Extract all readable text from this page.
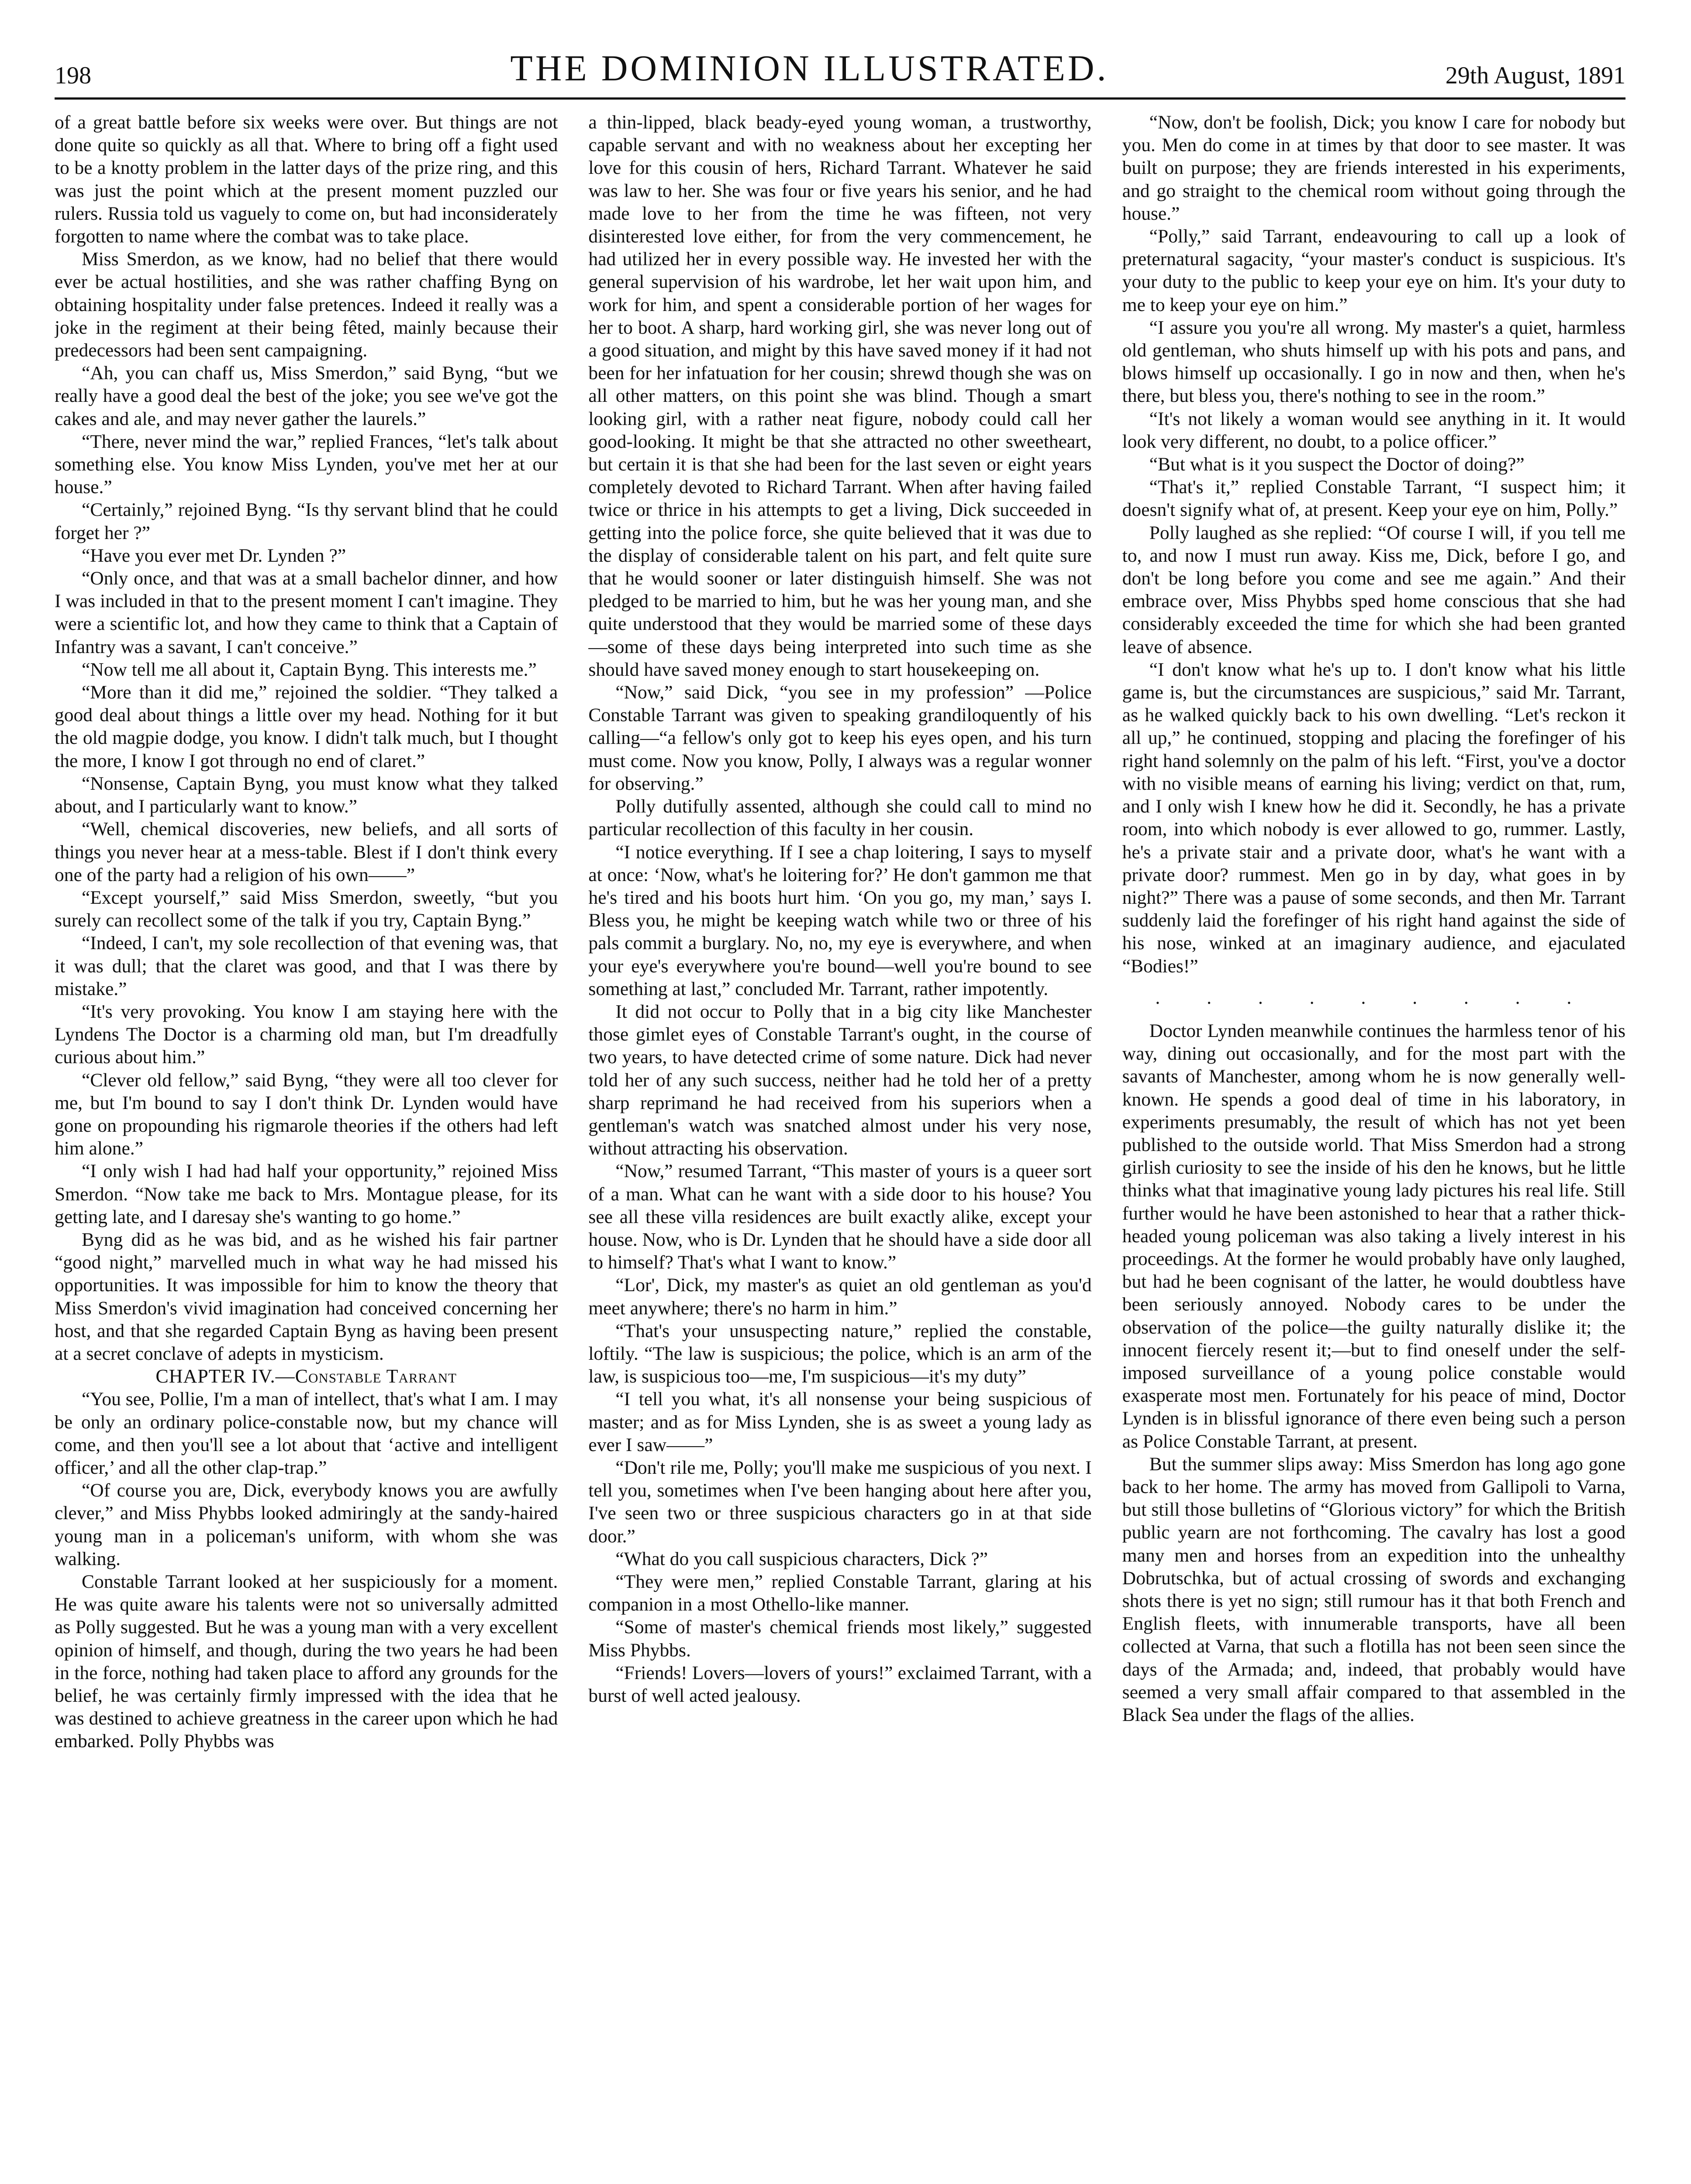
198	THE DOMINION ILLUSTRATED.	29th August, 1891

of a great battle before six weeks were over. But things are not done quite so quickly as all that. Where to bring off a fight used to be a knotty problem in the latter days of the prize ring, and this was just the point which at the present moment puzzled our rulers. Russia told us vaguely to come on, but had inconsiderately forgotten to name where the combat was to take place.

Miss Smerdon, as we know, had no belief that there would ever be actual hostilities, and she was rather chaffing Byng on obtaining hospitality under false pretences. Indeed it really was a joke in the regiment at their being fêted, mainly because their predecessors had been sent campaigning.

“Ah, you can chaff us, Miss Smerdon,” said Byng, “but we really have a good deal the best of the joke; you see we've got the cakes and ale, and may never gather the laurels.”

“There, never mind the war,” replied Frances, “let's talk about something else. You know Miss Lynden, you've met her at our house.”

“Certainly,” rejoined Byng. “Is thy servant blind that he could forget her ?”

“Have you ever met Dr. Lynden ?”

“Only once, and that was at a small bachelor dinner, and how I was included in that to the present moment I can't imagine. They were a scientific lot, and how they came to think that a Captain of Infantry was a savant, I can't conceive.”

“Now tell me all about it, Captain Byng. This interests me.”

“More than it did me,” rejoined the soldier. “They talked a good deal about things a little over my head. Nothing for it but the old magpie dodge, you know. I didn't talk much, but I thought the more, I know I got through no end of claret.”

“Nonsense, Captain Byng, you must know what they talked about, and I particularly want to know.”

“Well, chemical discoveries, new beliefs, and all sorts of things you never hear at a mess-table. Blest if I don't think every one of the party had a religion of his own——”

“Except yourself,” said Miss Smerdon, sweetly, “but you surely can recollect some of the talk if you try, Captain Byng.”

“Indeed, I can't, my sole recollection of that evening was, that it was dull; that the claret was good, and that I was there by mistake.”

“It's very provoking. You know I am staying here with the Lyndens The Doctor is a charming old man, but I'm dreadfully curious about him.”

“Clever old fellow,” said Byng, “they were all too clever for me, but I'm bound to say I don't think Dr. Lynden would have gone on propounding his rigmarole theories if the others had left him alone.”

“I only wish I had had half your opportunity,” rejoined Miss Smerdon. “Now take me back to Mrs. Montague please, for its getting late, and I daresay she's wanting to go home.”

Byng did as he was bid, and as he wished his fair partner “good night,” marvelled much in what way he had missed his opportunities. It was impossible for him to know the theory that Miss Smerdon's vivid imagination had conceived concerning her host, and that she regarded Captain Byng as having been present at a secret conclave of adepts in mysticism.

CHAPTER IV.—Constable Tarrant

“You see, Pollie, I'm a man of intellect, that's what I am. I may be only an ordinary police-constable now, but my chance will come, and then you'll see a lot about that ‘active and intelligent officer,’ and all the other clap-trap.”

“Of course you are, Dick, everybody knows you are awfully clever,” and Miss Phybbs looked admiringly at the sandy-haired young man in a policeman's uniform, with whom she was walking.

Constable Tarrant looked at her suspiciously for a moment. He was quite aware his talents were not so universally admitted as Polly suggested. But he was a young man with a very excellent opinion of himself, and though, during the two years he had been in the force, nothing had taken place to afford any grounds for the belief, he was certainly firmly impressed with the idea that he was destined to achieve greatness in the career upon which he had embarked. Polly Phybbs was

a thin-lipped, black beady-eyed young woman, a trustworthy, capable servant and with no weakness about her excepting her love for this cousin of hers, Richard Tarrant. Whatever he said was law to her. She was four or five years his senior, and he had made love to her from the time he was fifteen, not very disinterested love either, for from the very commencement, he had utilized her in every possible way. He invested her with the general supervision of his wardrobe, let her wait upon him, and work for him, and spent a considerable portion of her wages for her to boot. A sharp, hard working girl, she was never long out of a good situation, and might by this have saved money if it had not been for her infatuation for her cousin; shrewd though she was on all other matters, on this point she was blind. Though a smart looking girl, with a rather neat figure, nobody could call her good-looking. It might be that she attracted no other sweetheart, but certain it is that she had been for the last seven or eight years completely devoted to Richard Tarrant. When after having failed twice or thrice in his attempts to get a living, Dick succeeded in getting into the police force, she quite believed that it was due to the display of considerable talent on his part, and felt quite sure that he would sooner or later distinguish himself. She was not pledged to be married to him, but he was her young man, and she quite understood that they would be married some of these days—some of these days being interpreted into such time as she should have saved money enough to start housekeeping on.

“Now,” said Dick, “you see in my profession” —Police Constable Tarrant was given to speaking grandiloquently of his calling—“a fellow's only got to keep his eyes open, and his turn must come. Now you know, Polly, I always was a regular wonner for observing.”

Polly dutifully assented, although she could call to mind no particular recollection of this faculty in her cousin.

“I notice everything. If I see a chap loitering, I says to myself at once: ‘Now, what's he loitering for?’ He don't gammon me that he's tired and his boots hurt him. ‘On you go, my man,’ says I. Bless you, he might be keeping watch while two or three of his pals commit a burglary. No, no, my eye is everywhere, and when your eye's everywhere you're bound—well you're bound to see something at last,” concluded Mr. Tarrant, rather impotently.

It did not occur to Polly that in a big city like Manchester those gimlet eyes of Constable Tarrant's ought, in the course of two years, to have detected crime of some nature. Dick had never told her of any such success, neither had he told her of a pretty sharp reprimand he had received from his superiors when a gentleman's watch was snatched almost under his very nose, without attracting his observation.

“Now,” resumed Tarrant, “This master of yours is a queer sort of a man. What can he want with a side door to his house? You see all these villa residences are built exactly alike, except your house. Now, who is Dr. Lynden that he should have a side door all to himself? That's what I want to know.”

“Lor', Dick, my master's as quiet an old gentleman as you'd meet anywhere; there's no harm in him.”

“That's your unsuspecting nature,” replied the constable, loftily. “The law is suspicious; the police, which is an arm of the law, is suspicious too—me, I'm suspicious—it's my duty”

“I tell you what, it's all nonsense your being suspicious of master; and as for Miss Lynden, she is as sweet a young lady as ever I saw——”

“Don't rile me, Polly; you'll make me suspicious of you next. I tell you, sometimes when I've been hanging about here after you, I've seen two or three suspicious characters go in at that side door.”

“What do you call suspicious characters, Dick ?”

“They were men,” replied Constable Tarrant, glaring at his companion in a most Othello-like manner.

“Some of master's chemical friends most likely,” suggested Miss Phybbs.

“Friends! Lovers—lovers of yours!” exclaimed Tarrant, with a burst of well acted jealousy.

“Now, don't be foolish, Dick; you know I care for nobody but you. Men do come in at times by that door to see master. It was built on purpose; they are friends interested in his experiments, and go straight to the chemical room without going through the house.”

“Polly,” said Tarrant, endeavouring to call up a look of preternatural sagacity, “your master's conduct is suspicious. It's your duty to the public to keep your eye on him. It's your duty to me to keep your eye on him.”

“I assure you you're all wrong. My master's a quiet, harmless old gentleman, who shuts himself up with his pots and pans, and blows himself up occasionally. I go in now and then, when he's there, but bless you, there's nothing to see in the room.”

“It's not likely a woman would see anything in it. It would look very different, no doubt, to a police officer.”

“But what is it you suspect the Doctor of doing?”

“That's it,” replied Constable Tarrant, “I suspect him; it doesn't signify what of, at present. Keep your eye on him, Polly.”

Polly laughed as she replied: “Of course I will, if you tell me to, and now I must run away. Kiss me, Dick, before I go, and don't be long before you come and see me again.” And their embrace over, Miss Phybbs sped home conscious that she had considerably exceeded the time for which she had been granted leave of absence.

“I don't know what he's up to. I don't know what his little game is, but the circumstances are suspicious,” said Mr. Tarrant, as he walked quickly back to his own dwelling. “Let's reckon it all up,” he continued, stopping and placing the forefinger of his right hand solemnly on the palm of his left. “First, you've a doctor with no visible means of earning his living; verdict on that, rum, and I only wish I knew how he did it. Secondly, he has a private room, into which nobody is ever allowed to go, rummer. Lastly, he's a private stair and a private door, what's he want with a private door? rummest. Men go in by day, what goes in by night?” There was a pause of some seconds, and then Mr. Tarrant suddenly laid the forefinger of his right hand against the side of his nose, winked at an imaginary audience, and ejaculated “Bodies!”

. . . . . . . . .

Doctor Lynden meanwhile continues the harmless tenor of his way, dining out occasionally, and for the most part with the savants of Manchester, among whom he is now generally well-known. He spends a good deal of time in his laboratory, in experiments presumably, the result of which has not yet been published to the outside world. That Miss Smerdon had a strong girlish curiosity to see the inside of his den he knows, but he little thinks what that imaginative young lady pictures his real life. Still further would he have been astonished to hear that a rather thick-headed young policeman was also taking a lively interest in his proceedings. At the former he would probably have only laughed, but had he been cognisant of the latter, he would doubtless have been seriously annoyed. Nobody cares to be under the observation of the police—the guilty naturally dislike it; the innocent fiercely resent it;—but to find oneself under the self-imposed surveillance of a young police constable would exasperate most men. Fortunately for his peace of mind, Doctor Lynden is in blissful ignorance of there even being such a person as Police Constable Tarrant, at present.

But the summer slips away: Miss Smerdon has long ago gone back to her home. The army has moved from Gallipoli to Varna, but still those bulletins of “Glorious victory” for which the British public yearn are not forthcoming. The cavalry has lost a good many men and horses from an expedition into the unhealthy Dobrutschka, but of actual crossing of swords and exchanging shots there is yet no sign; still rumour has it that both French and English fleets, with innumerable transports, have all been collected at Varna, that such a flotilla has not been seen since the days of the Armada; and, indeed, that probably would have seemed a very small affair compared to that assembled in the Black Sea under the flags of the allies.
